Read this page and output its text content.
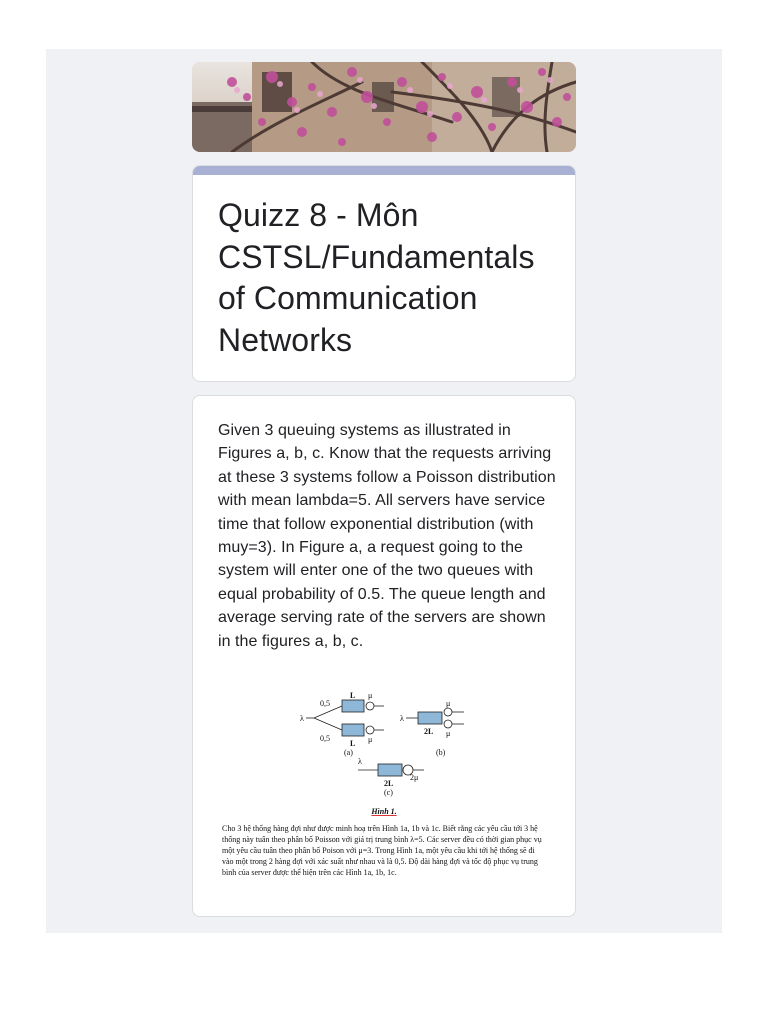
Quizz 8 - Môn CSTSL/Fundamentals of Communication Networks
Given 3 queuing systems as illustrated in Figures a, b, c. Know that the requests arriving at these 3 systems follow a Poisson distribution with mean lambda=5. All servers have service time that follow exponential distribution (with muy=3). In Figure a, a request going to the system will enter one of the two queues with equal probability of 0.5. The queue length and average serving rate of the servers are shown in the figures a, b, c.
λ
0,5
0,5
L
L
μ
μ
(a)
λ
2L
μ
μ
(b)
λ
2L
2μ
(c)
Hình 1.
Cho 3 hệ thống hàng đợi như được minh hoạ trên Hình 1a, 1b và 1c. Biết rằng các yêu cầu tới 3 hệ thống này tuân theo phân bố Poisson với giá trị trung bình λ=5. Các server đều có thời gian phục vụ một yêu cầu tuân theo phân bố Poison với μ=3. Trong Hình 1a, một yêu cầu khi tới hệ thống sẽ đi vào một trong 2 hàng đợi với xác suất như nhau và là 0,5. Độ dài hàng đợi và tốc độ phục vụ trung bình của server được thể hiện trên các Hình 1a, 1b, 1c.
